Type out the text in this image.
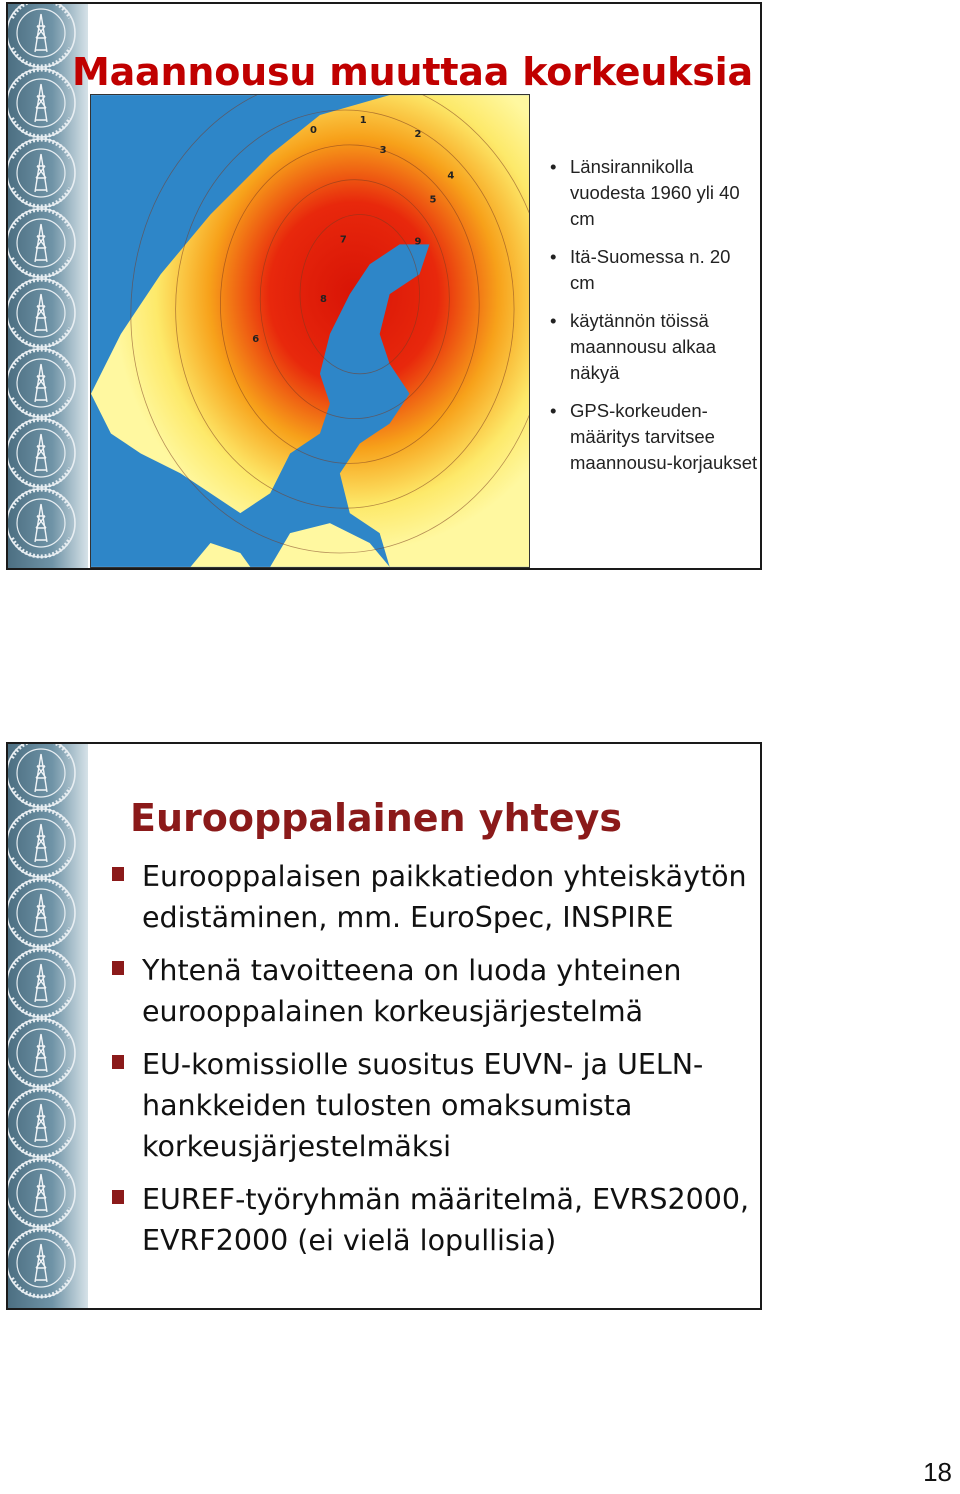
Maannousu muuttaa korkeuksia
0
1
2
3
4
5
6
7
8
9
• Länsirannikolla vuodesta 1960 yli 40 cm
• Itä-Suomessa n. 20 cm
• käytännön töissä maannousu alkaa näkyä
• GPS-korkeuden-määritys tarvitsee maannousu-korjaukset
Eurooppalainen yhteys
Eurooppalaisen paikkatiedon yhteiskäytön edistäminen, mm. EuroSpec, INSPIRE
Yhtenä tavoitteena on luoda yhteinen eurooppalainen korkeusjärjestelmä
EU-komissiolle suositus EUVN- ja UELN-hankkeiden tulosten omaksumista korkeusjärjestelmäksi
EUREF-työryhmän määritelmä, EVRS2000, EVRF2000 (ei vielä lopullisia)
18
